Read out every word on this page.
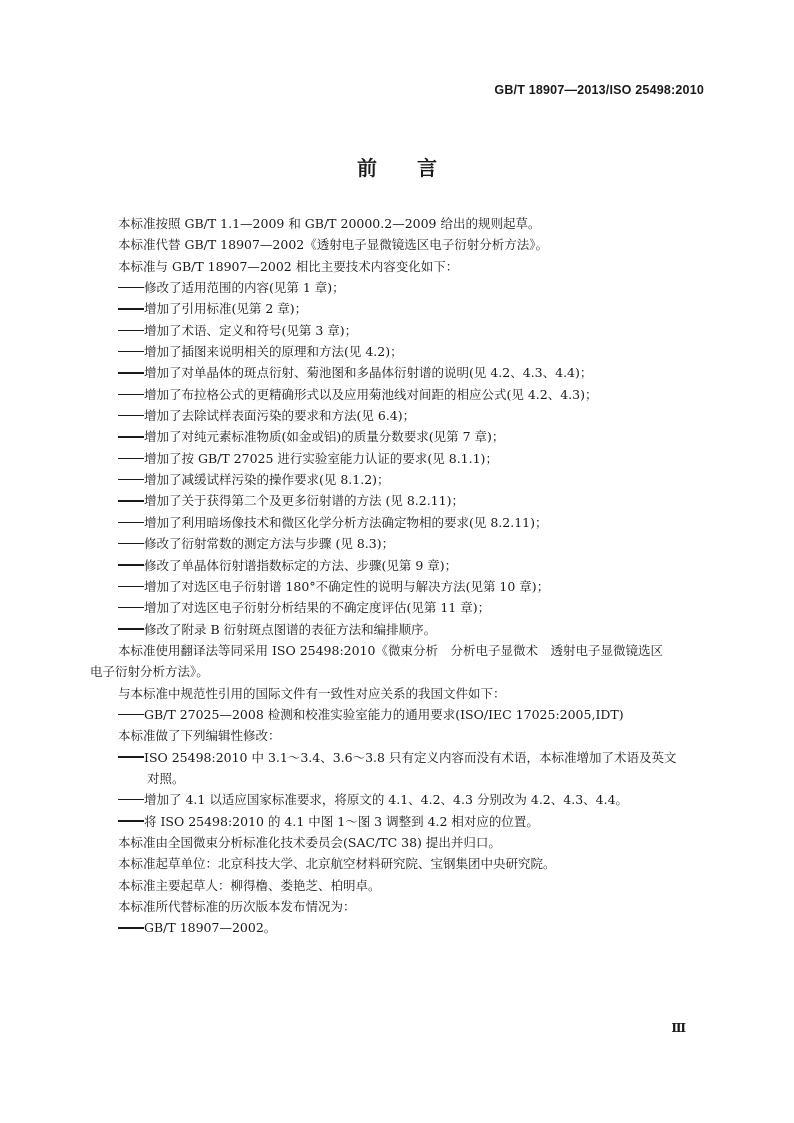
GB/T 18907—2013/ISO 25498:2010
前言
本标准按照 GB/T 1.1—2009 和 GB/T 20000.2—2009 给出的规则起草。
本标准代替 GB/T 18907—2002《透射电子显微镜选区电子衍射分析方法》。
本标准与 GB/T 18907—2002 相比主要技术内容变化如下：
修改了适用范围的内容(见第 1 章)；
增加了引用标准(见第 2 章)；
增加了术语、定义和符号(见第 3 章)；
增加了插图来说明相关的原理和方法(见 4.2)；
增加了对单晶体的斑点衍射、菊池图和多晶体衍射谱的说明(见 4.2、4.3、4.4)；
增加了布拉格公式的更精确形式以及应用菊池线对间距的相应公式(见 4.2、4.3)；
增加了去除试样表面污染的要求和方法(见 6.4)；
增加了对纯元素标准物质(如金或铝)的质量分数要求(见第 7 章)；
增加了按 GB/T 27025 进行实验室能力认证的要求(见 8.1.1)；
增加了减缓试样污染的操作要求(见 8.1.2)；
增加了关于获得第二个及更多衍射谱的方法 (见 8.2.11)；
增加了利用暗场像技术和微区化学分析方法确定物相的要求(见 8.2.11)；
修改了衍射常数的测定方法与步骤 (见 8.3)；
修改了单晶体衍射谱指数标定的方法、步骤(见第 9 章)；
增加了对选区电子衍射谱 180°不确定性的说明与解决方法(见第 10 章)；
增加了对选区电子衍射分析结果的不确定度评估(见第 11 章)；
修改了附录 B 衍射斑点图谱的表征方法和编排顺序。
本标准使用翻译法等同采用 ISO 25498:2010《微束分析　分析电子显微术　透射电子显微镜选区
电子衍射分析方法》。
与本标准中规范性引用的国际文件有一致性对应关系的我国文件如下：
GB/T 27025—2008 检测和校准实验室能力的通用要求(ISO/IEC 17025:2005,IDT)
本标准做了下列编辑性修改：
ISO 25498:2010 中 3.1～3.4、3.6～3.8 只有定义内容而没有术语，本标准增加了术语及英文
对照。
增加了 4.1 以适应国家标准要求，将原文的 4.1、4.2、4.3 分别改为 4.2、4.3、4.4。
将 ISO 25498:2010 的 4.1 中图 1～图 3 调整到 4.2 相对应的位置。
本标准由全国微束分析标准化技术委员会(SAC/TC 38) 提出并归口。
本标准起草单位：北京科技大学、北京航空材料研究院、宝钢集团中央研究院。
本标准主要起草人：柳得橹、娄艳芝、柏明卓。
本标准所代替标准的历次版本发布情况为：
GB/T 18907—2002。
Ⅲ
